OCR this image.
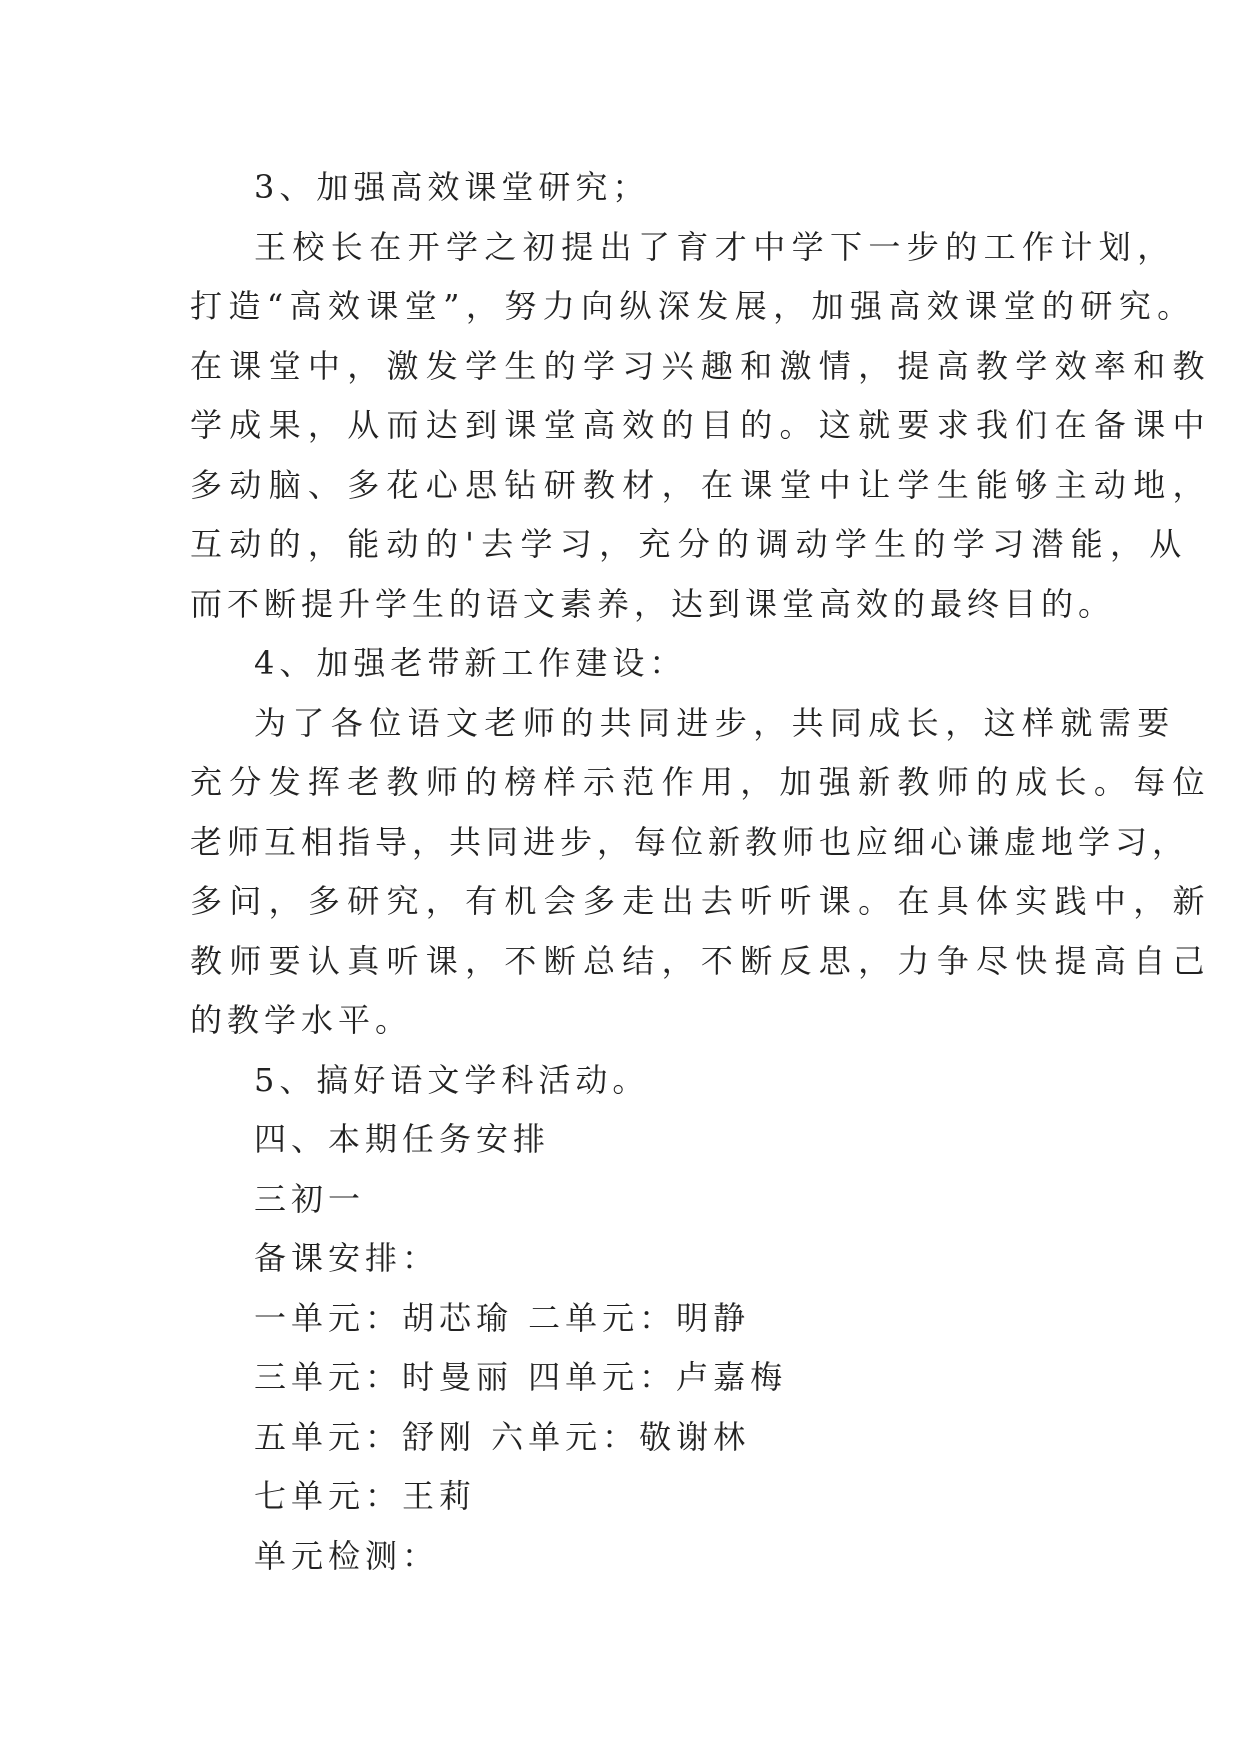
3、加强高效课堂研究；
王校长在开学之初提出了育才中学下一步的工作计划，
打造“高效课堂”，努力向纵深发展，加强高效课堂的研究。
在课堂中，激发学生的学习兴趣和激情，提高教学效率和教
学成果，从而达到课堂高效的目的。这就要求我们在备课中
多动脑、多花心思钻研教材，在课堂中让学生能够主动地，
互动的，能动的'去学习，充分的调动学生的学习潜能，从
而不断提升学生的语文素养，达到课堂高效的最终目的。
4、加强老带新工作建设：
为了各位语文老师的共同进步，共同成长，这样就需要
充分发挥老教师的榜样示范作用，加强新教师的成长。每位
老师互相指导，共同进步，每位新教师也应细心谦虚地学习，
多问，多研究，有机会多走出去听听课。在具体实践中，新
教师要认真听课，不断总结，不断反思，力争尽快提高自己
的教学水平。
5、搞好语文学科活动。
四、本期任务安排
三初一
备课安排：
一单元：胡芯瑜 二单元：明静
三单元：时曼丽 四单元：卢嘉梅
五单元：舒刚 六单元：敬谢林
七单元：王莉
单元检测：
